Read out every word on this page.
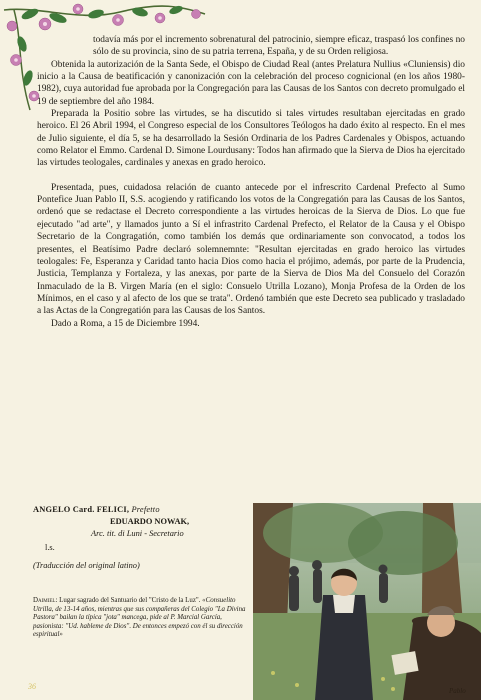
todavía más por el incremento sobrenatural del patrocinio, siempre eficaz, traspasó los confines no sólo de su provincia, sino de su patria terrena, España, y de su Orden religiosa.

Obtenida la autorización de la Santa Sede, el Obispo de Ciudad Real (antes Prelatura Nullius «Cluniensis) dio inicio a la Causa de beatificación y canonización con la celebración del proceso cognicional (en los años 1980-1982), cuya autoridad fue aprobada por la Congregación para las Causas de los Santos con decreto promulgado el 19 de septiembre del año 1984.

Preparada la Positio sobre las virtudes, se ha discutido si tales virtudes resultaban ejercitadas en grado heroico. El 26 Abril 1994, el Congreso especial de los Consultores Teólogos ha dado éxito al respecto. En el mes de Julio siguiente, el día 5, se ha desarrollado la Sesión Ordinaria de los Padres Cardenales y Obispos, actuando como Relator el Emmo. Cardenal D. Simone Lourdusany: Todos han afirmado que la Sierva de Dios ha ejercitado las virtudes teologales, cardinales y anexas en grado heroico.

Presentada, pues, cuidadosa relación de cuanto antecede por el infrescrito Cardenal Prefecto al Sumo Pontefice Juan Pablo II, S.S. acogiendo y ratificando los votos de la Congregatión para las Causas de los Santos, ordenó que se redactase el Decreto correspondiente a las virtudes heroicas de la Sierva de Dios. Lo que fue ejecutado "ad arte", y llamados junto a Sí el infrastrito Cardenal Prefecto, el Relator de la Causa y el Obispo Secretario de la Congragatión, como también los demás que ordinariamente son convocatod, a todos los presentes, el Beatísimo Padre declaró solemnemnte: "Resultan ejercitadas en grado heroico las virtudes teologales: Fe, Esperanza y Caridad tanto hacia Dios como hacia el prójimo, además, por parte de la Prudencia, Justicia, Templanza y Fortaleza, y las anexas, por parte de la Sierva de Dios Ma del Consuelo del Corazón Inmaculado de la B. Virgen María (en el siglo: Consuelo Utrilla Lozano), Monja Profesa de la Orden de los Mínimos, en el caso y al afecto de los que se trata". Ordenó también que este Decreto sea publicado y trasladado a las Actas de la Congregatión para las Causas de los Santos.

Dado a Roma, a 15 de Diciembre 1994.

ANGELO Card. FELICI, Prefetto
EDUARDO NOWAK,
Arc. tit. di Luni - Secretario
l.s.
(Traducción del original latino)
Daimiel: Lugar sagrado del Santuario del "Cristo de la Luz". «Consuelito Utrilla, de 13-14 años, mientras que sus compañeras del Colegio "La Divina Pastora" bailan la típica "jota" mancega, pide al P. Marcial García, pasionista: "Ud. hableme de Dios". De entonces empezó con él su dirección espiritual»
Pablo
36
